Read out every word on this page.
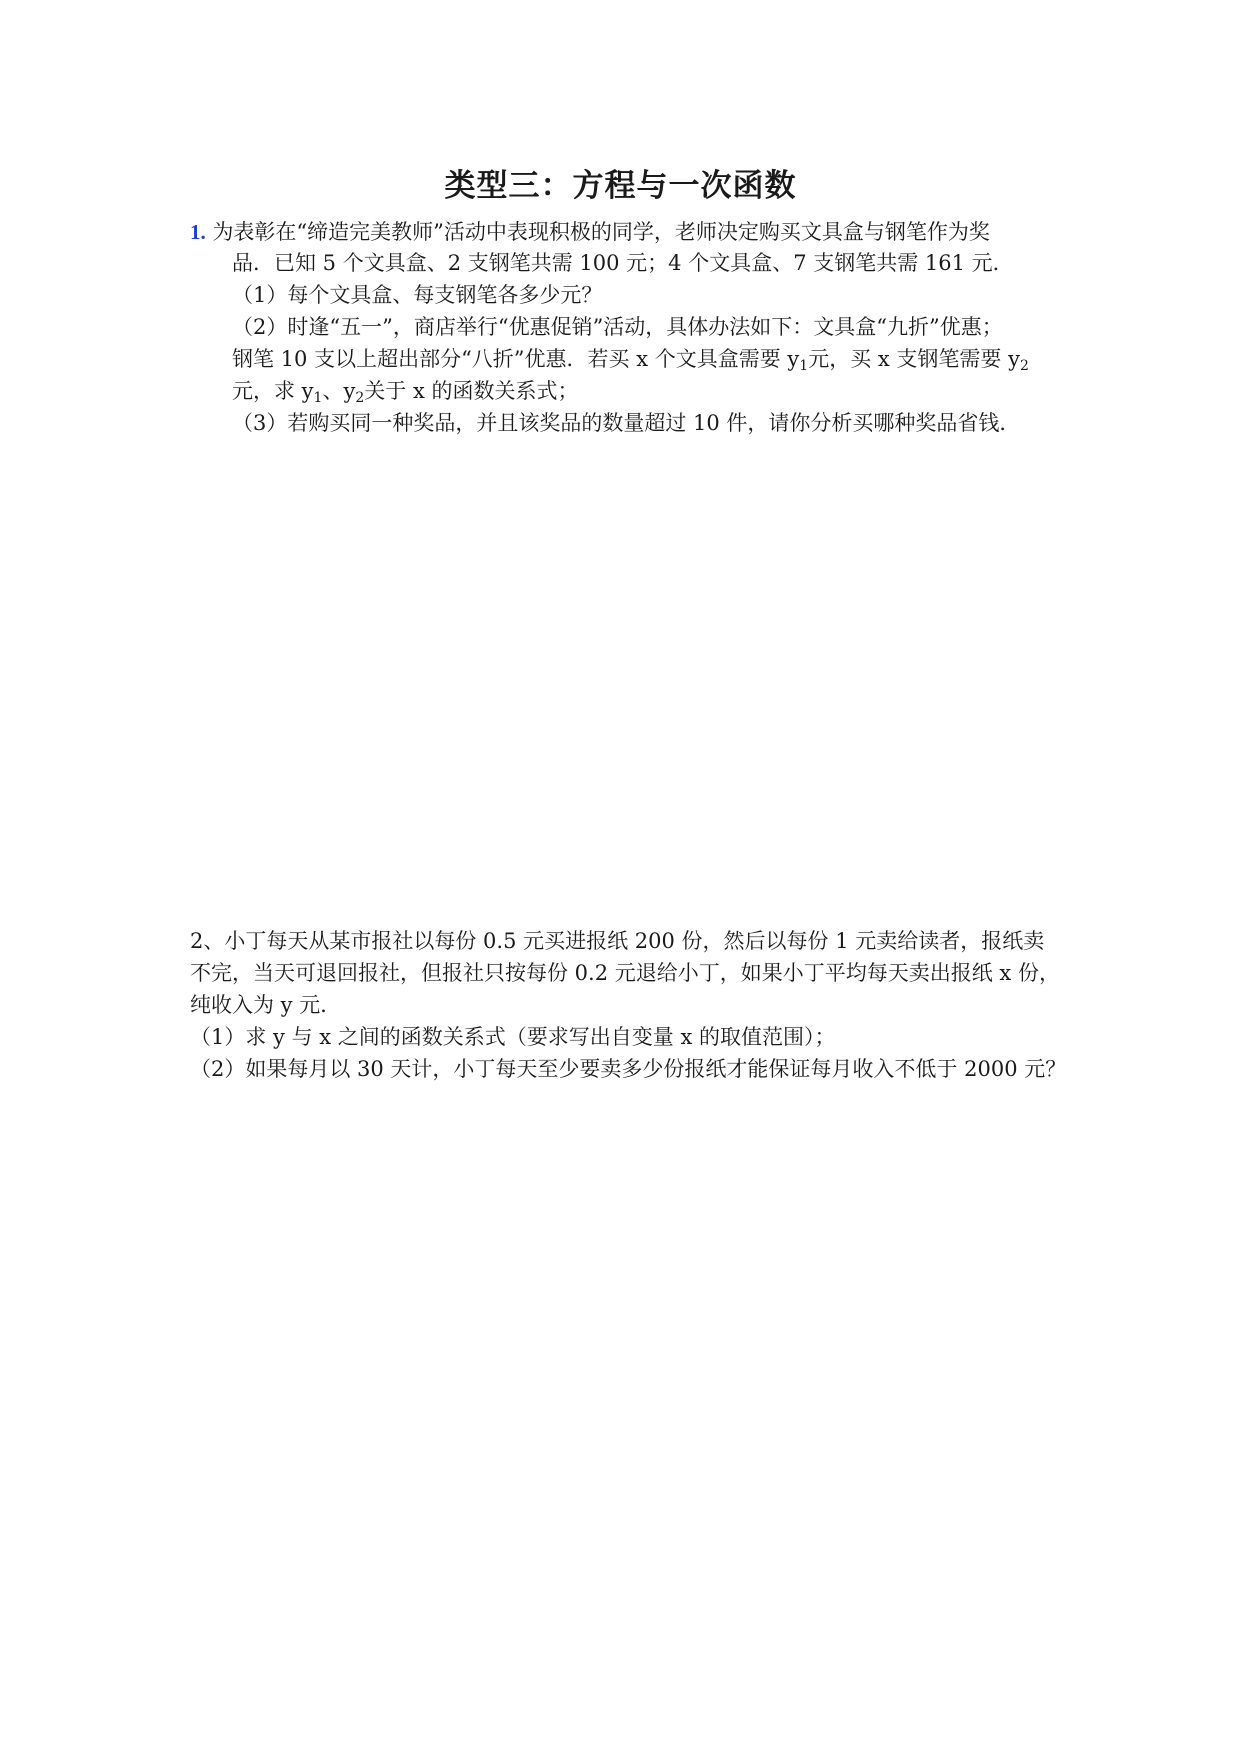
类型三：方程与一次函数
1. 为表彰在“缔造完美教师”活动中表现积极的同学，老师决定购买文具盒与钢笔作为奖
品．已知 5 个文具盒、2 支钢笔共需 100 元；4 个文具盒、7 支钢笔共需 161 元．
（1）每个文具盒、每支钢笔各多少元？
（2）时逢“五一”，商店举行“优惠促销”活动，具体办法如下：文具盒“九折”优惠；
钢笔 10 支以上超出部分“八折”优惠．若买 x 个文具盒需要 $y_1$元，买 x 支钢笔需要 $y_2$
元，求 $y_1$、$y_2$关于 x 的函数关系式；
（3）若购买同一种奖品，并且该奖品的数量超过 10 件，请你分析买哪种奖品省钱．
2、小丁每天从某市报社以每份 0.5 元买进报纸 200 份，然后以每份 1 元卖给读者，报纸卖
不完，当天可退回报社，但报社只按每份 0.2 元退给小丁，如果小丁平均每天卖出报纸 x 份，
纯收入为 y 元．
（1）求 y 与 x 之间的函数关系式（要求写出自变量 x 的取值范围）；
（2）如果每月以 30 天计，小丁每天至少要卖多少份报纸才能保证每月收入不低于 2000 元？
